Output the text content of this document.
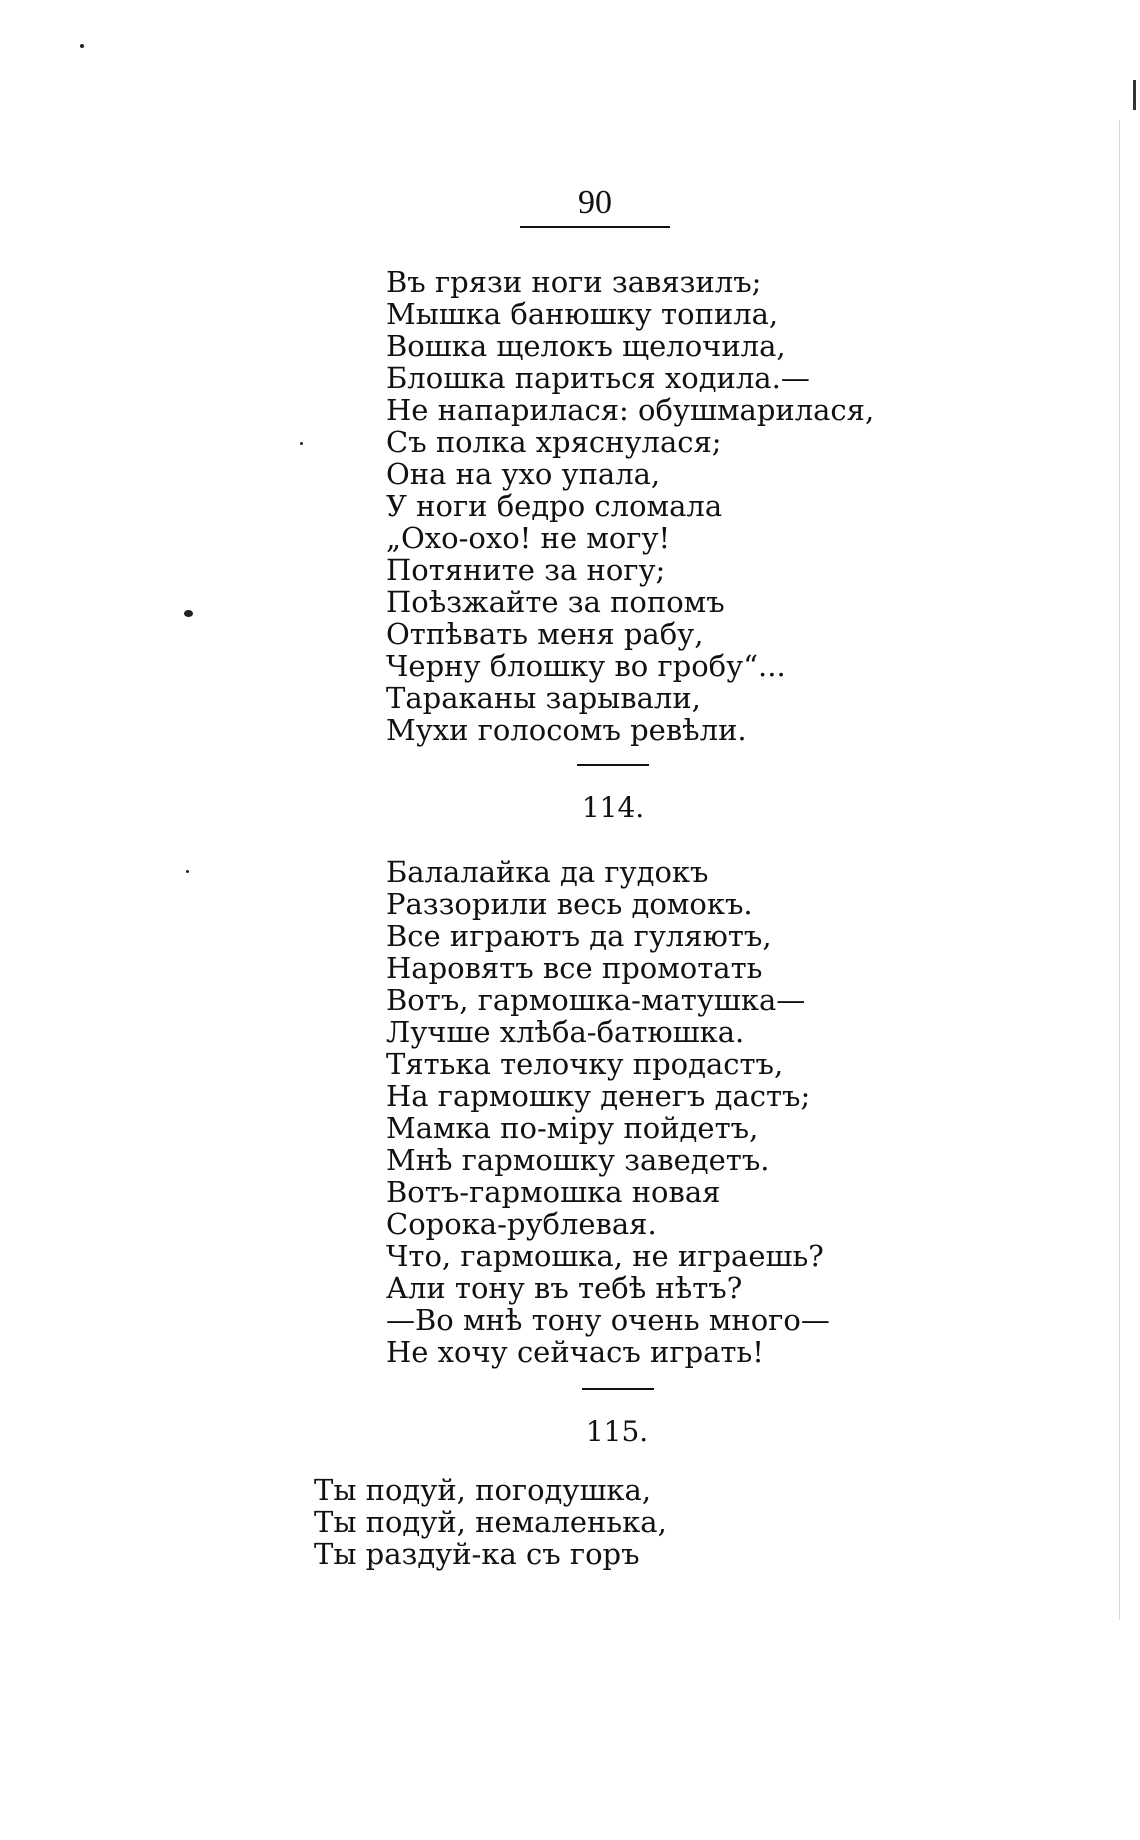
90
Въ грязи ноги завязилъ;
Мышка банюшку топила,
Вошка щелокъ щелочила,
Блошка париться ходила.—
Не напарилася: обушмарилася,
Съ полка хряснулася;
Она на ухо упала,
У ноги бедро сломала
„Охо-охо! не могу!
Потяните за ногу;
Поѣзжайте за попомъ
Отпѣвать меня рабу,
Черну блошку во гробу“...
Тараканы зарывали,
Мухи голосомъ ревѣли.
114.
Балалайка да гудокъ
Раззорили весь домокъ.
Все играютъ да гуляютъ,
Наровятъ все промотать
Вотъ, гармошка-матушка—
Лучше хлѣба-батюшка.
Тятька телочку продастъ,
На гармошку денегъ дастъ;
Мамка по-міру пойдетъ,
Мнѣ гармошку заведетъ.
Вотъ-гармошка новая
Сорока-рублевая.
Что, гармошка, не играешь?
Али тону въ тебѣ нѣтъ?
—Во мнѣ тону очень много—
Не хочу сейчасъ играть!
115.
Ты подуй, погодушка,
Ты подуй, немаленька,
Ты раздуй-ка съ горъ
